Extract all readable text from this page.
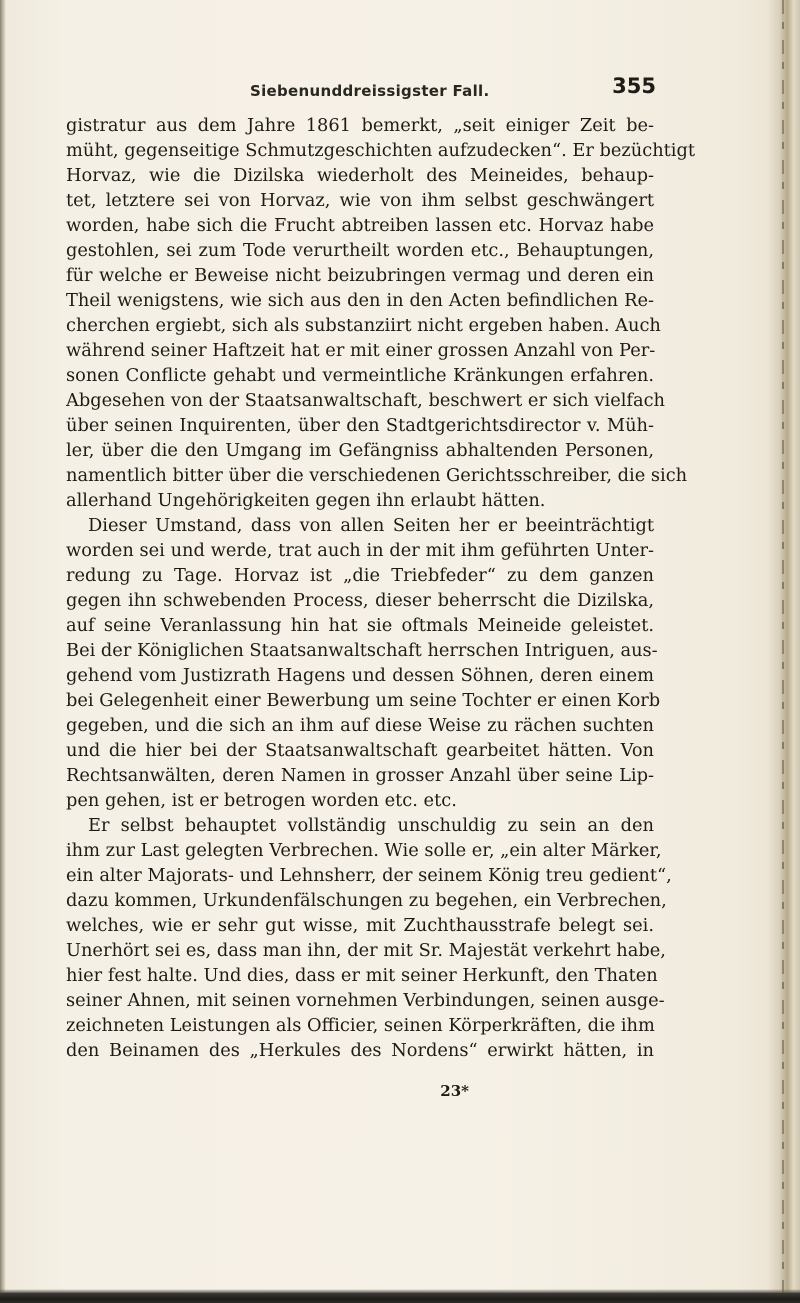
Siebenunddreissigster Fall.	355
gistratur aus dem Jahre 1861 bemerkt, „seit einiger Zeit be-
müht, gegenseitige Schmutzgeschichten aufzudecken“. Er bezüchtigt
Horvaz, wie die Dizilska wiederholt des Meineides, behaup-
tet, letztere sei von Horvaz, wie von ihm selbst geschwängert
worden, habe sich die Frucht abtreiben lassen etc. Horvaz habe
gestohlen, sei zum Tode verurtheilt worden etc., Behauptungen,
für welche er Beweise nicht beizubringen vermag und deren ein
Theil wenigstens, wie sich aus den in den Acten befindlichen Re-
cherchen ergiebt, sich als substanziirt nicht ergeben haben. Auch
während seiner Haftzeit hat er mit einer grossen Anzahl von Per-
sonen Conflicte gehabt und vermeintliche Kränkungen erfahren.
Abgesehen von der Staatsanwaltschaft, beschwert er sich vielfach
über seinen Inquirenten, über den Stadtgerichtsdirector v. Müh-
ler, über die den Umgang im Gefängniss abhaltenden Personen,
namentlich bitter über die verschiedenen Gerichtsschreiber, die sich
allerhand Ungehörigkeiten gegen ihn erlaubt hätten.
Dieser Umstand, dass von allen Seiten her er beeinträchtigt
worden sei und werde, trat auch in der mit ihm geführten Unter-
redung zu Tage. Horvaz ist „die Triebfeder“ zu dem ganzen
gegen ihn schwebenden Process, dieser beherrscht die Dizilska,
auf seine Veranlassung hin hat sie oftmals Meineide geleistet.
Bei der Königlichen Staatsanwaltschaft herrschen Intriguen, aus-
gehend vom Justizrath Hagens und dessen Söhnen, deren einem
bei Gelegenheit einer Bewerbung um seine Tochter er einen Korb
gegeben, und die sich an ihm auf diese Weise zu rächen suchten
und die hier bei der Staatsanwaltschaft gearbeitet hätten. Von
Rechtsanwälten, deren Namen in grosser Anzahl über seine Lip-
pen gehen, ist er betrogen worden etc. etc.
Er selbst behauptet vollständig unschuldig zu sein an den
ihm zur Last gelegten Verbrechen. Wie solle er, „ein alter Märker,
ein alter Majorats- und Lehnsherr, der seinem König treu gedient“,
dazu kommen, Urkundenfälschungen zu begehen, ein Verbrechen,
welches, wie er sehr gut wisse, mit Zuchthausstrafe belegt sei.
Unerhört sei es, dass man ihn, der mit Sr. Majestät verkehrt habe,
hier fest halte. Und dies, dass er mit seiner Herkunft, den Thaten
seiner Ahnen, mit seinen vornehmen Verbindungen, seinen ausge-
zeichneten Leistungen als Officier, seinen Körperkräften, die ihm
den Beinamen des „Herkules des Nordens“ erwirkt hätten, in
23*
